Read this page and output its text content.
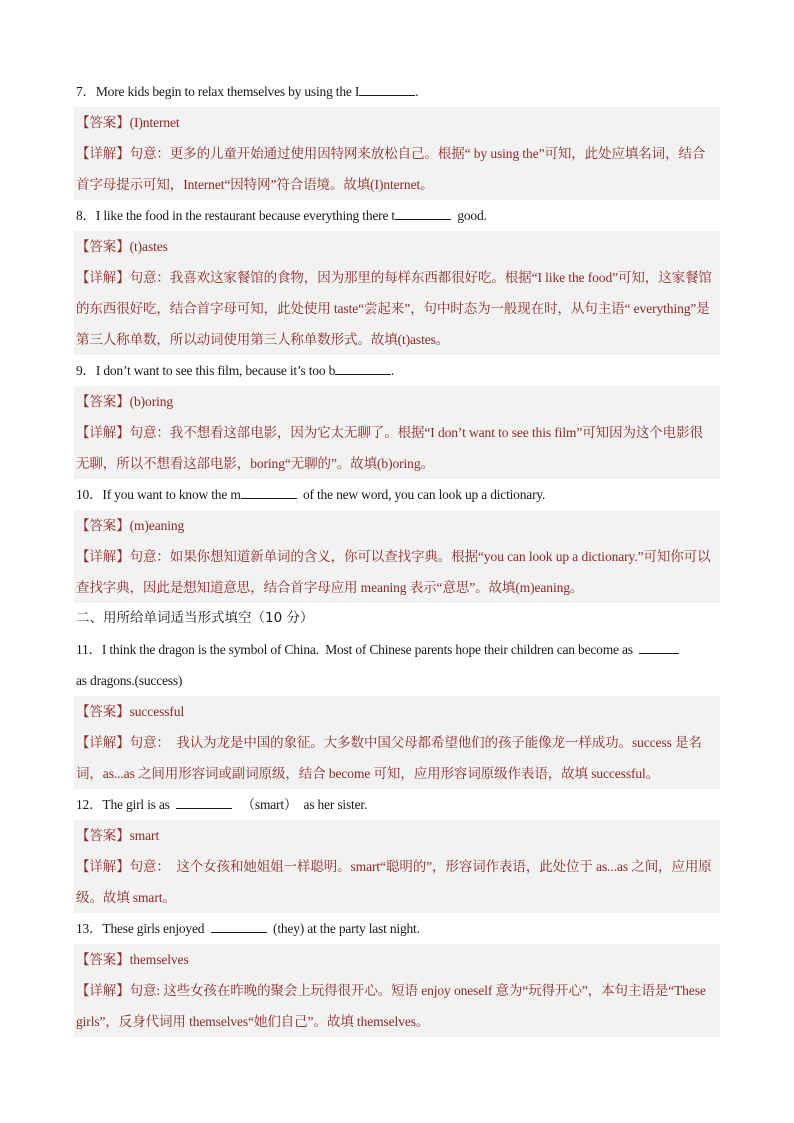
7．More kids begin to relax themselves by using the I	.
【答案】(I)nternet
【详解】句意：更多的儿童开始通过使用因特网来放松自己。根据“ by using the”可知，此处应填名词，结合首字母提示可知，Internet“因特网”符合语境。故填(I)nternet。
8．I like the food in the restaurant because everything there t	good.
【答案】(t)astes
【详解】句意：我喜欢这家餐馆的食物，因为那里的每样东西都很好吃。根据“I like the food”可知，这家餐馆的东西很好吃，结合首字母可知，此处使用 taste“尝起来”，句中时态为一般现在时，从句主语“ everything”是第三人称单数，所以动词使用第三人称单数形式。故填(t)astes。
9．I don’t want to see this film, because it’s too b	.
【答案】(b)oring
【详解】句意：我不想看这部电影，因为它太无聊了。根据“I don’t want to see this film”可知因为这个电影很无聊，所以不想看这部电影，boring“无聊的”。故填(b)oring。
10．If you want to know the m	of the new word, you can look up a dictionary.
【答案】(m)eaning
【详解】句意：如果你想知道新单词的含义，你可以查找字典。根据“you can look up a dictionary.”可知你可以查找字典，因此是想知道意思，结合首字母应用 meaning 表示“意思”。故填(m)eaning。
二、用所给单词适当形式填空（10 分）
11．I think the dragon is the symbol of China.  Most of Chinese parents hope their children can become as
as dragons.(success)
【答案】successful
【详解】句意：  我认为龙是中国的象征。大多数中国父母都希望他们的孩子能像龙一样成功。success 是名词，as...as 之间用形容词或副词原级，结合 become 可知，应用形容词原级作表语，故填 successful。
12．The girl is as	（smart）  as her sister.
【答案】smart
【详解】句意：  这个女孩和她姐姐一样聪明。smart“聪明的”，形容词作表语，此处位于 as...as 之间，应用原级。故填 smart。
13．These girls enjoyed	(they) at the party last night.
【答案】themselves
【详解】句意: 这些女孩在昨晚的聚会上玩得很开心。短语 enjoy oneself 意为“玩得开心”，本句主语是“These girls”，反身代词用 themselves“她们自己”。故填 themselves。
